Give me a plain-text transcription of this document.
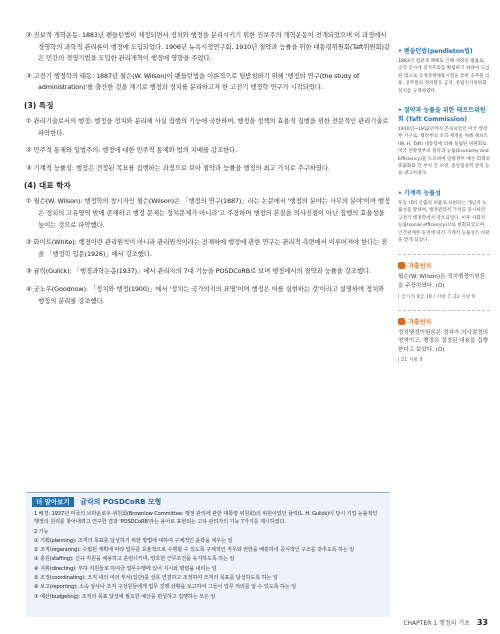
② 진보적 개혁운동: 1883년 펜들턴법이 제정되면서 정치와 행정을 분리시키기 위한 진보주의 개혁운동이 전개되었으며 이 과정에서 경영학의 과학적 관리론이 행정에 도입되었다. 1906년 뉴욕시정연구회, 1910년 절약과 능률을 위한 대통령위원회(Taft위원회)같은 민간의 경영기법을 도입한 관리개혁이 행정에 영향을 주었다.

③ 고전기 행정학의 태동: 1887년 윌슨(W. Wilson)이 펜들턴법을 이론적으로 뒷받침하기 위해 '행정의 연구(the study of administration)'를 출간한 것을 계기로 행정과 정치를 분리하고자 한 고전기 행정학 연구가 시작되었다.

(3) 특징

① 관리기술로서의 행정: 행정을 정치와 분리해 사실 집행의 기능에 국한하며, 행정을 정책의 효율적 집행을 위한 전문적인 관리기술로 파악한다.

② 민주적 통제와 입법주의: 행정에 대한 민주적 통제와 법의 지배를 강조한다.

③ 기계적 능률성: 행정은 견정된 목표를 집행하는 과정으로 보아 절약과 능률을 행정의 최고 가치로 추구하였다.

(4) 대표 학자

① 윌슨(W. Wilson): 행정학의 창시자인 윌슨(Wilson)은 「행정의 연구(1887)」라는 논문에서 '행정의 분야는 사무의 분야'이며 행정은 정치의 고유영역 밖에 존재하고 행정 문제는 정치문제가 아니라'고 주장하며 행정의 본질을 의사진정이 아닌 집행의 효율성을 높이는 것으로 파악했다.

② 화이트(White): 행정이란 관리원칙이 아니라 관리원칙이라는 전제하에 행정에 관한 연구는 관리적 측면에서 이루어져야 한다는 점을 「행정학 입문(1926)」에서 강조했다.

③ 귤릭(Gulick): 「행정과학논총(1937)」에서 관리자의 7대 기능을 POSDCoRB로 보며 행정에서의 절약과 능률을 강조했다.

④ 굿노우(Goodnow): 「정치와 행정(1900)」에서 '정치는 국가의지의 표명'이며 행정은 이를 실현하는 것'이라고 설명하며 정치와 행정의 분리를 강조했다.

더 알아보기 귤릭의 POSDCoRB 모형

1 배경: 1937년 미국의 브라운로우 위원회(Brownlow Committee: 행정 관리에 관한 대통령 위원회)의 위원이었던 귤릭(L. H. Gulick)이 당시 기업 능률적인 행정의 원리를 찾아내려고 연구한 결과 'POSDCoRB'라는 용어로 표현되는 고유 관리자의 기능 7가지를 제시하였다.

2 기능

① 기획(planning): 조직의 목표를 달성하기 위한 방법에 대하여 구체적인 윤곽을 세우는 일

② 조직(organizing): 수립된 계획에 따라 업무를 효율적으로 수행할 수 있도록 구체적인 직무와 권한을 배분하여 공식적인 구조를 갖추도록 하는 일

③ 충원(staffing): 신규 직원을 채용하고 훈련시키며, 양호한 근무조건을 유지하도록 하는 일

④ 지휘(directing): 부하 직원들로 하여금 업무수행에 있어 지시와 명령을 내리는 일

⑤ 조정(coordinating): 조직 내의 여러 부서(집단)를 상호 연결하고 조정하여 조직의 목표를 달성하도록 하는 일

⑥ 보고(reporting): 소속 상사나 조직 구성원들에게 업무 진행 상황을 보고하여 그들이 업무 처리를 알 수 있도록 하는 일

⑦ 예산(budgeting): 조직의 목표 달성에 필요한 예산을 편성하고 집행하는 모든 일

• 펜들턴법(pendleton법)
1883년 엽관제 폐해로 인해 제정된 법률로, 공직 인사에 실적주의를 확립하기 위하여 도입된 법으로 공개경쟁채용시험을 통한 공무원 임용, 공무원의 정치활동 금지, 중립인사위원회 설치를 규정하였다.
• 절약과 능률을 위한 태프트위원회 (Taft Commission)
1910년~1912년까지 존속되었던 미국 행정부 기구로, 행정부의 조직·재정을 위해 태프트(W. H. Taft) 대통령에 의해 설립된 위원회로 미국 연방정부의 절약과 능률(Economy and Efficiency)을 도모하며 연방정부 예산·회계의 효율화와 각 부처 간 조정, 중앙집권적 관리 등을 권고하였다.
• 기계적 능률성
투입 대비 산출의 비율로 표현되는 개념적 능률성을 말하며, 행정관리적 가치를 중시하던 고전기 행정학에서 강조되었다. 이후 사회적 능률(social efficiency)으로 변화되었으며, 인간관계론 등장에 따라 기계적 능률성은 비판을 받게 되었다.
기출선지
윌슨(W. Wilson)은 정치행정이원론을 주장하였다. (O)
| 국가직 9급 16 / 지방 7, 21 지방 9
기출선지
정치행정이원론은 정치가 의사결정의 영역이고, 행정은 결정된 내용을 집행한다고 보았다. (O)
| 21 지방 9
CHAPTER 1 행정의 기초 33
